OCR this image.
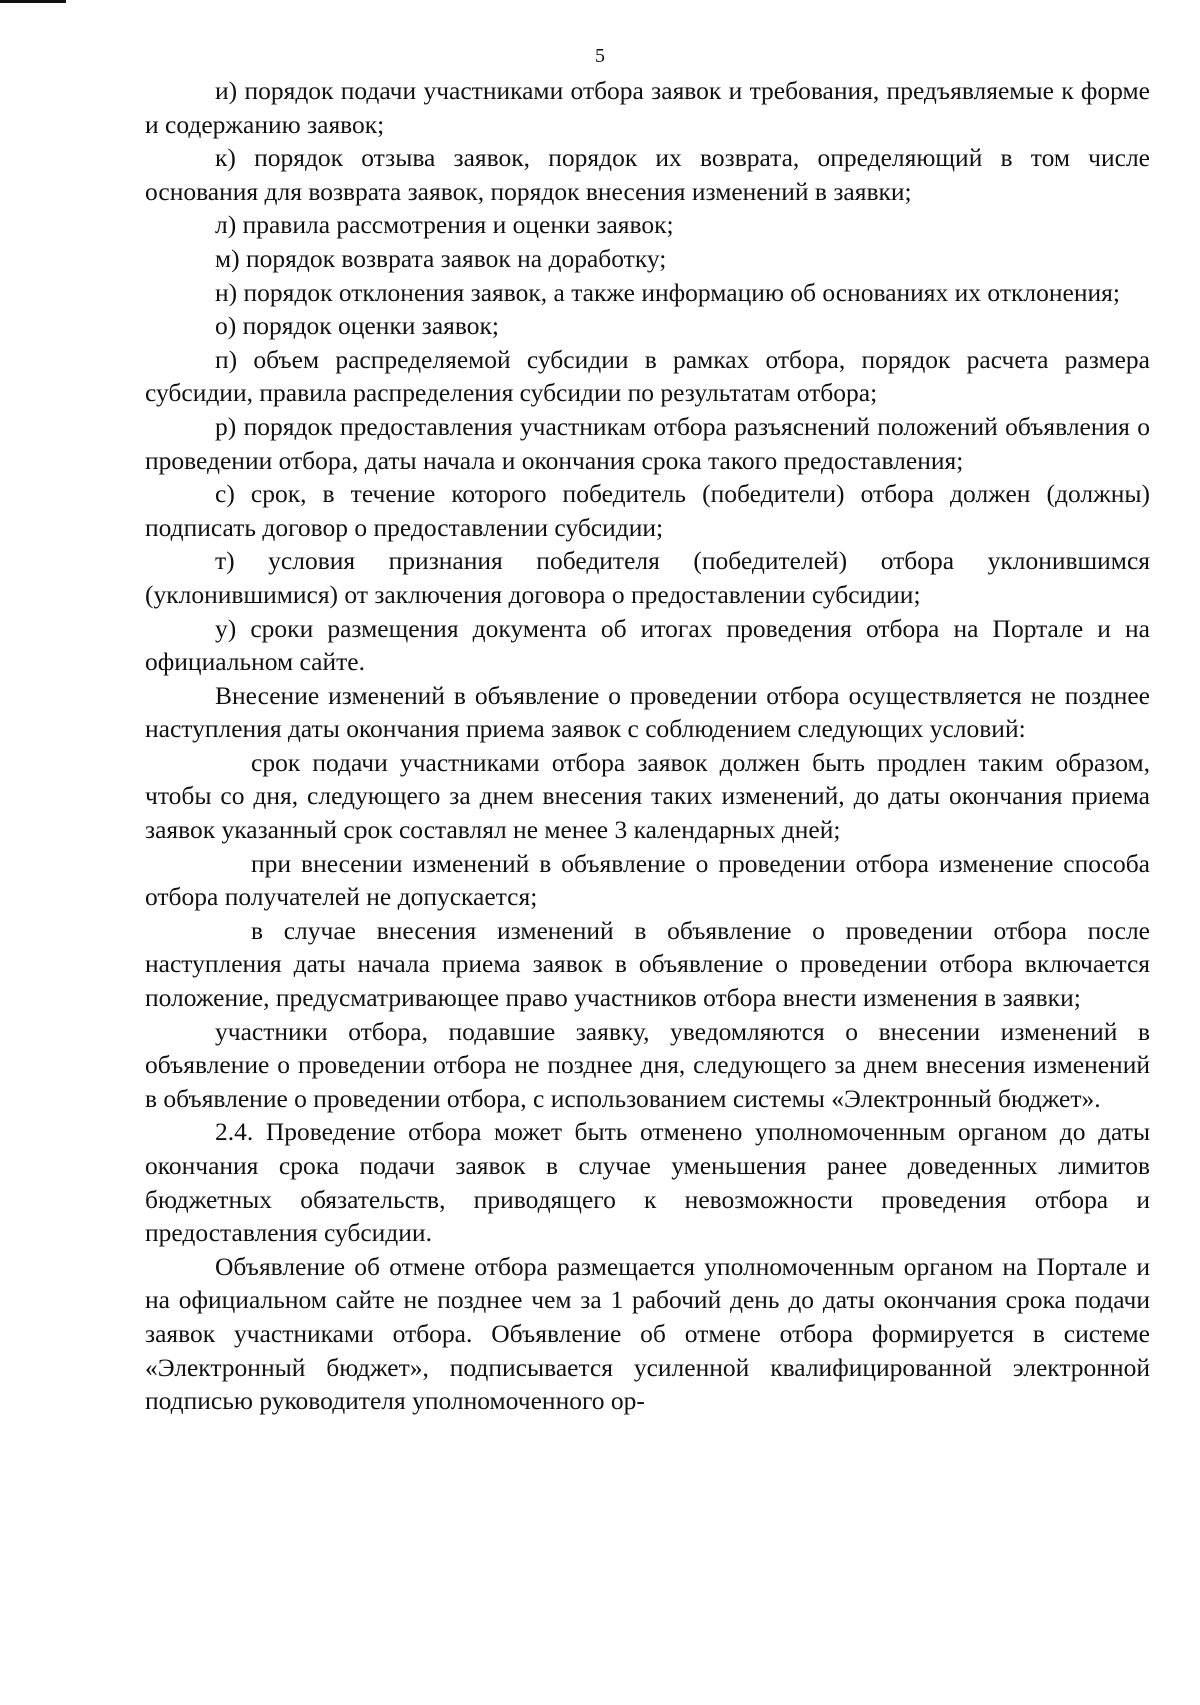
5

и) порядок подачи участниками отбора заявок и требования, предъявляемые к форме и содержанию заявок;

к) порядок отзыва заявок, порядок их возврата, определяющий в том числе основания для возврата заявок, порядок внесения изменений в заявки;

л) правила рассмотрения и оценки заявок;

м) порядок возврата заявок на доработку;

н) порядок отклонения заявок, а также информацию об основаниях их отклонения;

о) порядок оценки заявок;

п) объем распределяемой субсидии в рамках отбора, порядок расчета размера субсидии, правила распределения субсидии по результатам отбора;

р) порядок предоставления участникам отбора разъяснений положений объявления о проведении отбора, даты начала и окончания срока такого предоставления;

с) срок, в течение которого победитель (победители) отбора должен (должны) подписать договор о предоставлении субсидии;

т) условия признания победителя (победителей) отбора уклонившимся (уклонившимися) от заключения договора о предоставлении субсидии;

у) сроки размещения документа об итогах проведения отбора на Портале и на официальном сайте.

Внесение изменений в объявление о проведении отбора осуществляется не позднее наступления даты окончания приема заявок с соблюдением следующих условий:

срок подачи участниками отбора заявок должен быть продлен таким образом, чтобы со дня, следующего за днем внесения таких изменений, до даты окончания приема заявок указанный срок составлял не менее 3 календарных дней;

при внесении изменений в объявление о проведении отбора изменение способа отбора получателей не допускается;

в случае внесения изменений в объявление о проведении отбора после наступления даты начала приема заявок в объявление о проведении отбора включается положение, предусматривающее право участников отбора внести изменения в заявки;

участники отбора, подавшие заявку, уведомляются о внесении изменений в объявление о проведении отбора не позднее дня, следующего за днем внесения изменений в объявление о проведении отбора, с использованием системы «Электронный бюджет».

2.4. Проведение отбора может быть отменено уполномоченным органом до даты окончания срока подачи заявок в случае уменьшения ранее доведенных лимитов бюджетных обязательств, приводящего к невозможности проведения отбора и предоставления субсидии.

Объявление об отмене отбора размещается уполномоченным органом на Портале и на официальном сайте не позднее чем за 1 рабочий день до даты окончания срока подачи заявок участниками отбора. Объявление об отмене отбора формируется в системе «Электронный бюджет», подписывается усиленной квалифицированной электронной подписью руководителя уполномоченного ор-
